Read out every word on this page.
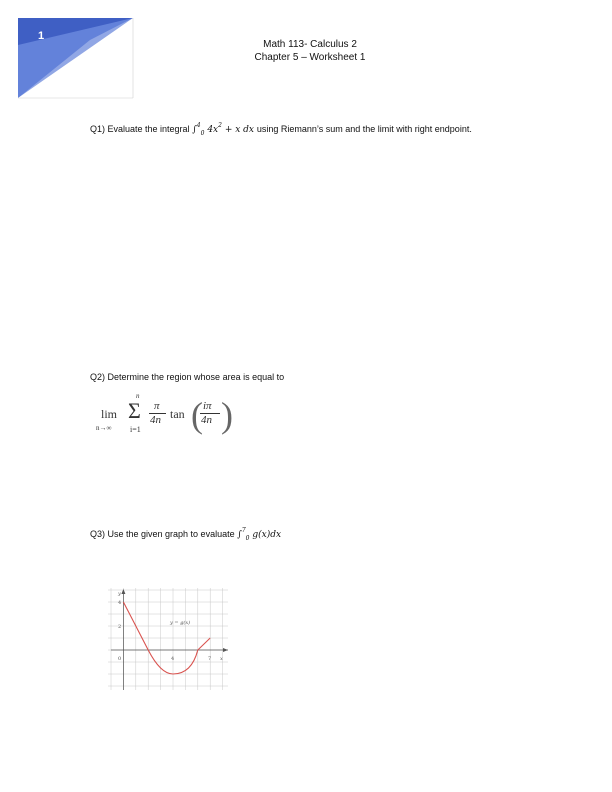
1
Math 113- Calculus 2
Chapter 5 – Worksheet 1
Q1) Evaluate the integral ∫$^4_0$ $4x^2 + x$ dx using Riemann’s sum and the limit with right endpoint.
Q2) Determine the region whose area is equal to
lim
n→∞
n
Σ
i=1
π
4n tan ( iπ
4n )
Q3) Use the given graph to evaluate ∫$^7_0$ g(x)dx
y
4
2
0	4	7 x
y = g(x)
